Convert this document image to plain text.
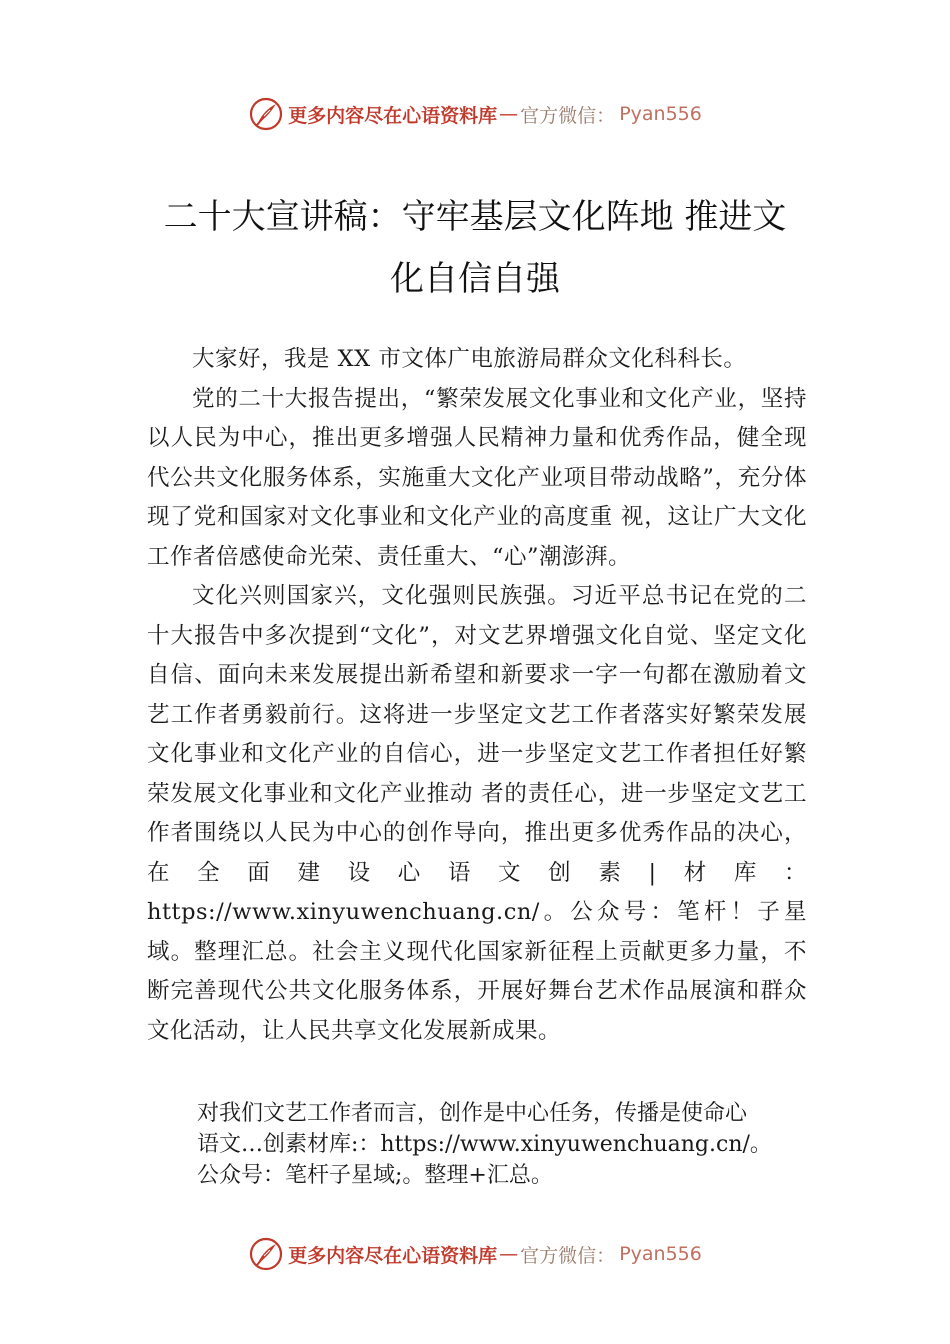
更多内容尽在心语资料库 — 官方微信： Pyan556
二十大宣讲稿：守牢基层文化阵地 推进文
化自信自强

大家好，我是 XX 市文体广电旅游局群众文化科科长。

党的二十大报告提出，“繁荣发展文化事业和文化产业，坚持以人民为中心，推出更多增强人民精神力量和优秀作品，健全现代公共文化服务体系，实施重大文化产业项目带动战略”，充分体现了党和国家对文化事业和文化产业的高度重 视，这让广大文化工作者倍感使命光荣、责任重大、“心”潮澎湃。

文化兴则国家兴，文化强则民族强。习近平总书记在党的二十大报告中多次提到“文化”，对文艺界增强文化自觉、坚定文化自信、面向未来发展提出新希望和新要求一字一句都在激励着文艺工作者勇毅前行。这将进一步坚定文艺工作者落实好繁荣发展文化事业和文化产业的自信心，进一步坚定文艺工作者担任好繁荣发展文化事业和文化产业推动 者的责任心，进一步坚定文艺工作者围绕以人民为中心的创作导向，推出更多优秀作品的决心，在全面建设心语文创素|材库：https://www.xinyuwenchuang.cn/。公众号：笔杆！子星域。整理汇总。社会主义现代化国家新征程上贡献更多力量，不断完善现代公共文化服务体系，开展好舞台艺术作品展演和群众文化活动，让人民共享文化发展新成果。

对我们文艺工作者而言，创作是中心任务，传播是使命心
语文…创素材库:：https://www.xinyuwenchuang.cn/。
公众号：笔杆子星域;。整理+汇总。
更多内容尽在心语资料库 — 官方微信： Pyan556
